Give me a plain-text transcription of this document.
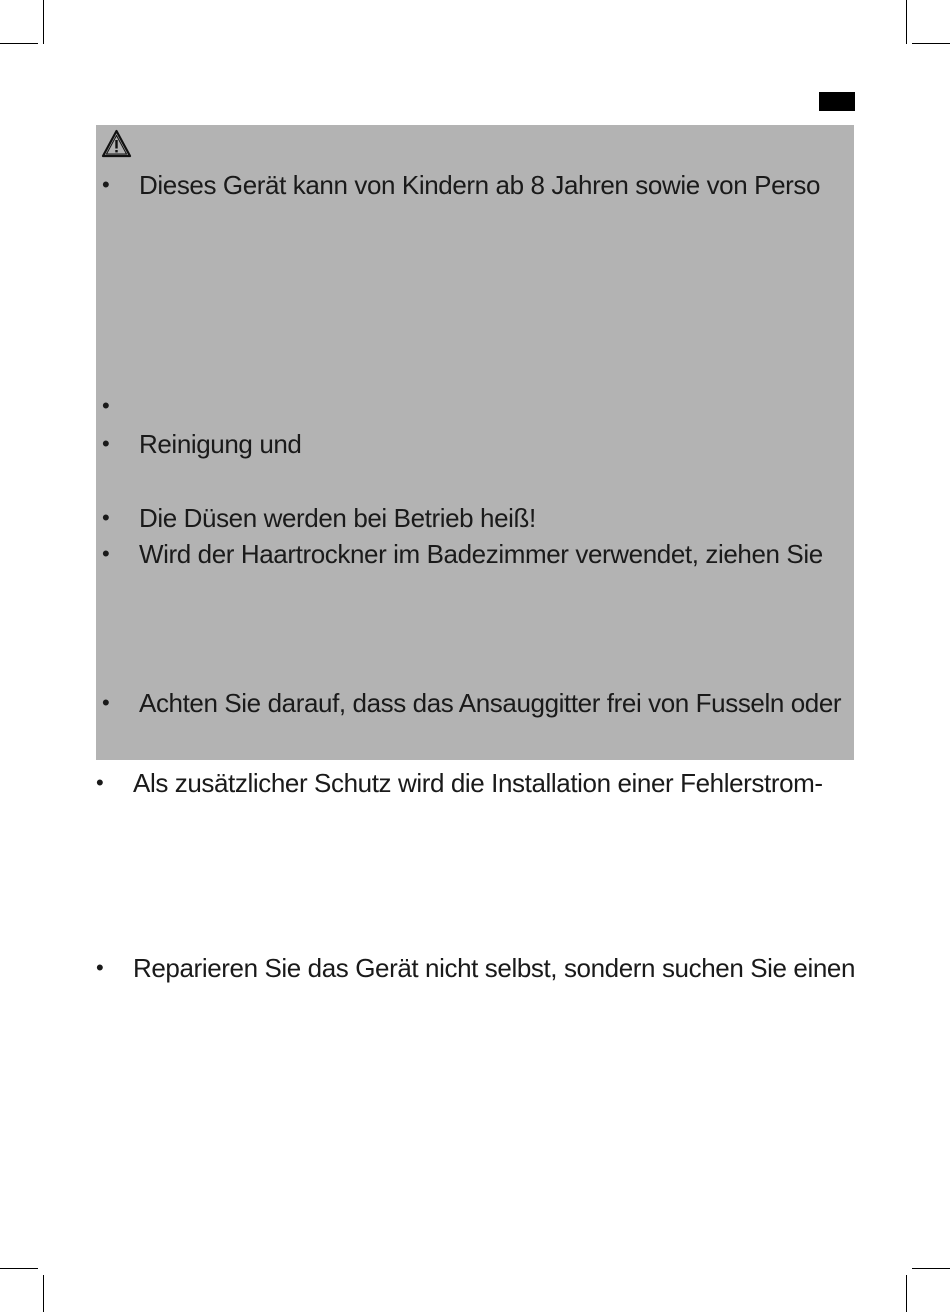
• Dieses Gerät kann von Kindern ab 8 Jahren sowie von Perso
•
• Reinigung und
• Die Düsen werden bei Betrieb heiß!
• Wird der Haartrockner im Badezimmer verwendet, ziehen Sie
• Achten Sie darauf, dass das Ansauggitter frei von Fusseln oder
• Als zusätzlicher Schutz wird die Installation einer Fehlerstrom-
• Reparieren Sie das Gerät nicht selbst, sondern suchen Sie einen
